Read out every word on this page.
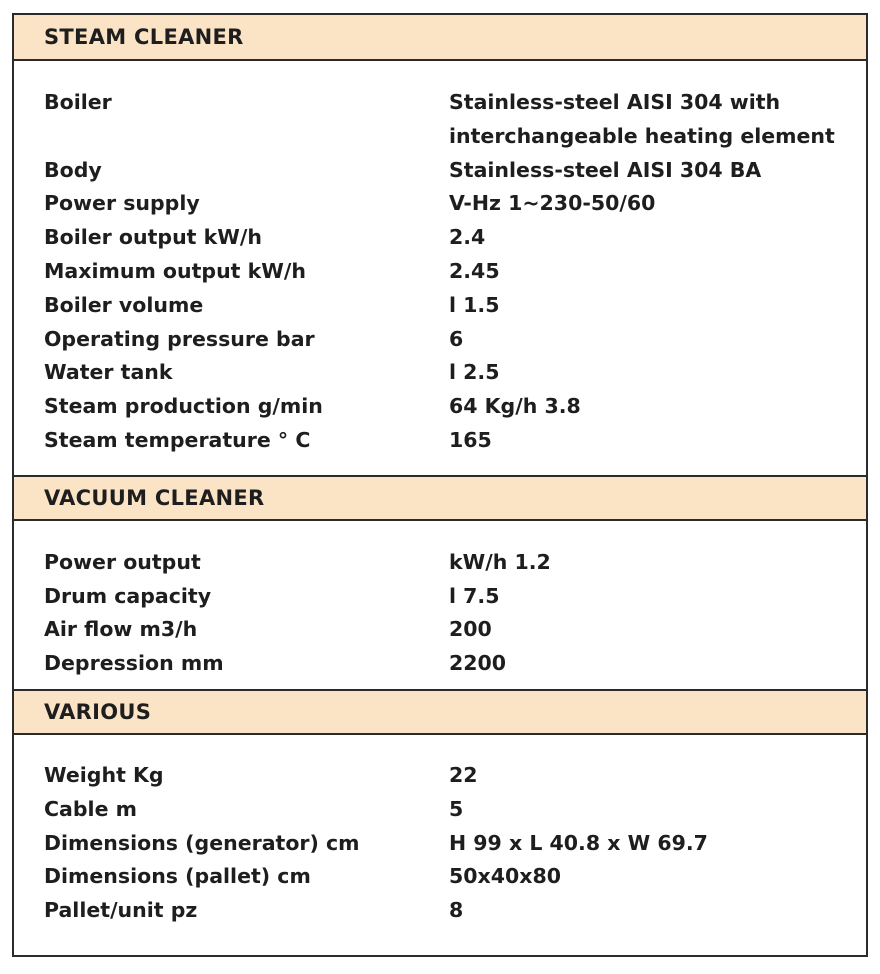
STEAM CLEANER
Boiler	Stainless-steel AISI 304 with
interchangeable heating element
Body	Stainless-steel AISI 304 BA
Power supply	V-Hz 1~230-50/60
Boiler output kW/h	2.4
Maximum output kW/h	2.45
Boiler volume	l 1.5
Operating pressure bar	6
Water tank	l 2.5
Steam production g/min	64 Kg/h 3.8
Steam temperature ° C	165
VACUUM CLEANER
Power output	kW/h 1.2
Drum capacity	l 7.5
Air flow m3/h	200
Depression mm	2200
VARIOUS
Weight Kg	22
Cable m	5
Dimensions (generator) cm	H 99 x L 40.8 x W 69.7
Dimensions (pallet) cm	50x40x80
Pallet/unit pz	8
